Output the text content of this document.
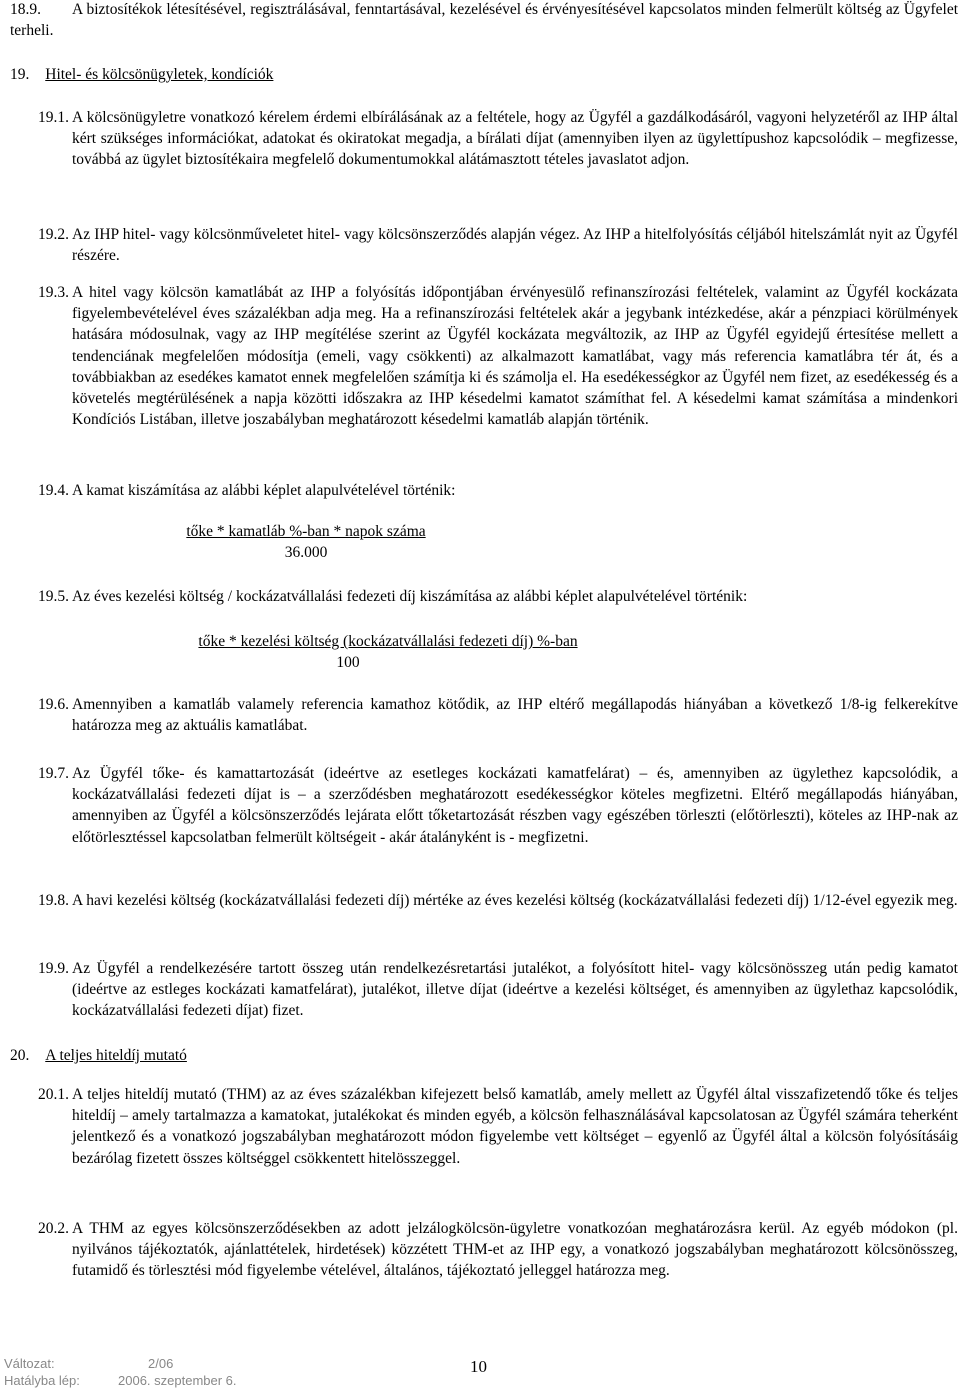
18.9.	A biztosítékok létesítésével, regisztrálásával, fenntartásával, kezelésével és érvényesítésével kapcsolatos minden felmerült költség az Ügyfelet terheli.
19. Hitel- és kölcsönügyletek, kondíciók
19.1. A kölcsönügyletre vonatkozó kérelem érdemi elbírálásának az a feltétele, hogy az Ügyfél a gazdálkodásáról, vagyoni helyzetéről az IHP által kért szükséges információkat, adatokat és okiratokat megadja, a bírálati díjat (amennyiben ilyen az ügylettípushoz kapcsolódik – megfizesse, továbbá az ügylet biztosítékaira megfelelő dokumentumokkal alátámasztott tételes javaslatot adjon.
19.2. Az IHP hitel- vagy kölcsönműveletet hitel- vagy kölcsönszerződés alapján végez. Az IHP a hitelfolyósítás céljából hitelszámlát nyit az Ügyfél részére.
19.3. A hitel vagy kölcsön kamatlábát az IHP a folyósítás időpontjában érvényesülő refinanszírozási feltételek, valamint az Ügyfél kockázata figyelembevételével éves százalékban adja meg. Ha a refinanszírozási feltételek akár a jegybank intézkedése, akár a pénzpiaci körülmények hatására módosulnak, vagy az IHP megítélése szerint az Ügyfél kockázata megváltozik, az IHP az Ügyfél egyidejű értesítése mellett a tendenciának megfelelően módosítja (emeli, vagy csökkenti) az alkalmazott kamatlábat, vagy más referencia kamatlábra tér át, és a továbbiakban az esedékes kamatot ennek megfelelően számítja ki és számolja el. Ha esedékességkor az Ügyfél nem fizet, az esedékesség és a követelés megtérülésének a napja közötti időszakra az IHP késedelmi kamatot számíthat fel. A késedelmi kamat számítása a mindenkori Kondíciós Listában, illetve joszabályban meghatározott késedelmi kamatláb alapján történik.
19.4. A kamat kiszámítása az alábbi képlet alapulvételével történik:
tőke * kamatláb %-ban * napok száma
36.000
19.5. Az éves kezelési költség / kockázatvállalási fedezeti díj kiszámítása az alábbi képlet alapulvételével történik:
tőke * kezelési költség (kockázatvállalási fedezeti díj) %-ban
100
19.6. Amennyiben a kamatláb valamely referencia kamathoz kötődik, az IHP eltérő megállapodás hiányában a következő 1/8-ig felkerekítve határozza meg az aktuális kamatlábat.
19.7. Az Ügyfél tőke- és kamattartozását (ideértve az esetleges kockázati kamatfelárat) – és, amennyiben az ügylethez kapcsolódik, a kockázatvállalási fedezeti díjat is – a szerződésben meghatározott esedékességkor köteles megfizetni. Eltérő megállapodás hiányában, amennyiben az Ügyfél a kölcsönszerződés lejárata előtt tőketartozását részben vagy egészében törleszti (előtörleszti), köteles az IHP-nak az előtörlesztéssel kapcsolatban felmerült költségeit - akár átalányként is - megfizetni.
19.8. A havi kezelési költség (kockázatvállalási fedezeti díj) mértéke az éves kezelési költség (kockázatvállalási fedezeti díj) 1/12-ével egyezik meg.
19.9. Az Ügyfél a rendelkezésére tartott összeg után rendelkezésretartási jutalékot, a folyósított hitel- vagy kölcsönösszeg után pedig kamatot (ideértve az estleges kockázati kamatfelárat), jutalékot, illetve díjat (ideértve a kezelési költséget, és amennyiben az ügylethaz kapcsolódik, kockázatvállalási fedezeti díjat) fizet.
20. A teljes hiteldíj mutató
20.1. A teljes hiteldíj mutató (THM) az az éves százalékban kifejezett belső kamatláb, amely mellett az Ügyfél által visszafizetendő tőke és teljes hiteldíj – amely tartalmazza a kamatokat, jutalékokat és minden egyéb, a kölcsön felhasználásával kapcsolatosan az Ügyfél számára teherként jelentkező és a vonatkozó jogszabályban meghatározott módon figyelembe vett költséget – egyenlő az Ügyfél által a kölcsön folyósításáig bezárólag fizetett összes költséggel csökkentett hitelösszeggel.
20.2. A THM az egyes kölcsönszerződésekben az adott jelzálogkölcsön-ügyletre vonatkozóan meghatározásra kerül. Az egyéb módokon (pl. nyilvános tájékoztatók, ajánlattételek, hirdetések) közzétett THM-et az IHP egy, a vonatkozó jogszabályban meghatározott kölcsönösszeg, futamidő és törlesztési mód figyelembe vételével, általános, tájékoztató jelleggel határozza meg.
Változat:	2/06
Hatályba lép:	2006. szeptember 6.
10
